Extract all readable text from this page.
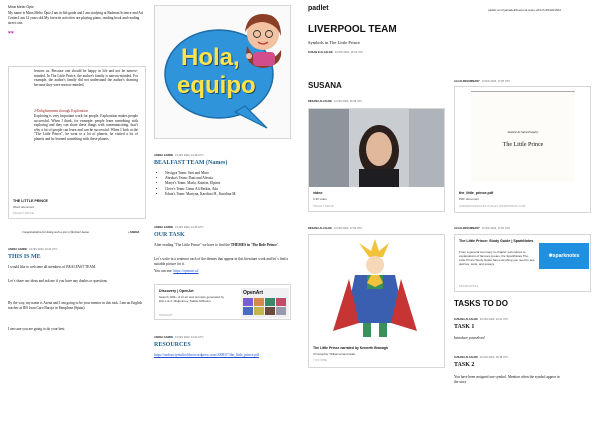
Mina Melio Ópiz
My name is Mina Melio Ópiz,I am in 6th grade and I am studying at Badman Science and Art Center.I am 12 years old.My favorite activities are playing piano, reading book and reading street cats.
♥♥
lessons us. Because one should be happy in life and not be narrow-minded. In The Little Prince, the author's family is narrow-minded. For example, the author's family did not understand the author's drawing because they were narrow-minded.
2-Enlightenment through Exploration
Exploring is very important work for people. Exploration makes people successful. When I think, for example: people learn something with exploring and they can share these things with communicating. that's why a lot of people can learn and can be successful. When I look at the "The Little Prince", he went to a lot of planets, he visited a lot of planets and he learned something with these planets.
THE LITTLE PRINCE
Word document
PADLET DRIVE
Congratulations for doing such a nice reflection! Asena	• ASENA
ASENA GARDE 13 NIS 2023, 16:41 UTC
THIS IS ME
I would like to welcome all members of BEALFAST TEAM.
Let´s share our ideas and ask me if you have any doubts or questions.
By the way, my name is Asena and I am going to be your mentor in this task. I am an English teacher at IES Juan Caro Baroja in Pamplona (Spain).
I am sure you are going to do your best.
Hola,
equipo
ASENA GARDE 13 NIS 2023, 14:48 UTC
BEALFAST TEAM (Names)
• Nevigya Team: Sezi and Mina
• Abruka's Team: Dani and Alessia
• Marye's Team: María, Katerin, Elpinis
• Cleve's Team: Umut Ali Berkin, Ada
• Eduia's Team: Martyna, Karolina H., Karolina M.
ASENA GARDE 13 NIS 2023, 14:45 UTC
OUR TASK
After reading "The Little Prince" we have to find the THEMES in 'The Bofe Prince'.
Let´s write in a sentence each of the themes that appear in this literature work and let´s find a suitable picture for it.
You can use: https://openart.ai/
Discovery | OpenArt
Search 10M+ of AI art and prompts generated by DALL·E 2, Midjourney, Stable Diffusion
OPENART
OpenArt
ASENA GARDE 13 NIS 2023, 14:44 UTC
RESOURCES
https://usdoswiyetnlicolibrowordpress.com/2008/07/the_little_prince.pdf
padlet	padlet.com/yalcadeli/liverpool-team-o64u7cRCHE4h6d
LIVERPOOL TEAM
Symbols in The Little Prince
SUSAN B ALCALDE 13 NIS 2023, 16:31 UTC
SUSANA
DESANA ALCALDE 12 NIS 2023, 16:48 UTC
video
0.36 video
PADLET DRIVE
DESANA ALCALDE 12 NIS 2023, 17:00 UTC
The Little Prince narrated by Kenneth Branagh
Christopher Williams/sandmidar
YOUTUBE
ALCALDESUMMARY 13 NIS 2023, 17:05 UTC
Antoine de Saint-Exupéry
The Little Prince
the_little_prince.pdf
PDF document
ANDREW.MARULES.PADLET.WORDPRESS.COM
ALCALDESUMMARY 13 NIS 2023, 17:20 UTC
The Little Prince: Study Guide | SparkNotes
From a general summary to chapter summaries to explanations of famous quotes, the SparkNotes The Little Prince Study Guide has everything you need to ace quizzes, tests, and essays.
SPARKNOTES
✱sparknotes
TASKS TO DO
SUSANA ALCALDE 22 NIS 2023, 14:41 UTC
TASK 1
Introduce yourselves!
SUSANA ALCALDE 22 NIS 2023, 15:48 UTC
TASK 2
You have been assigned one symbol. Mention when the symbol appear in the story
